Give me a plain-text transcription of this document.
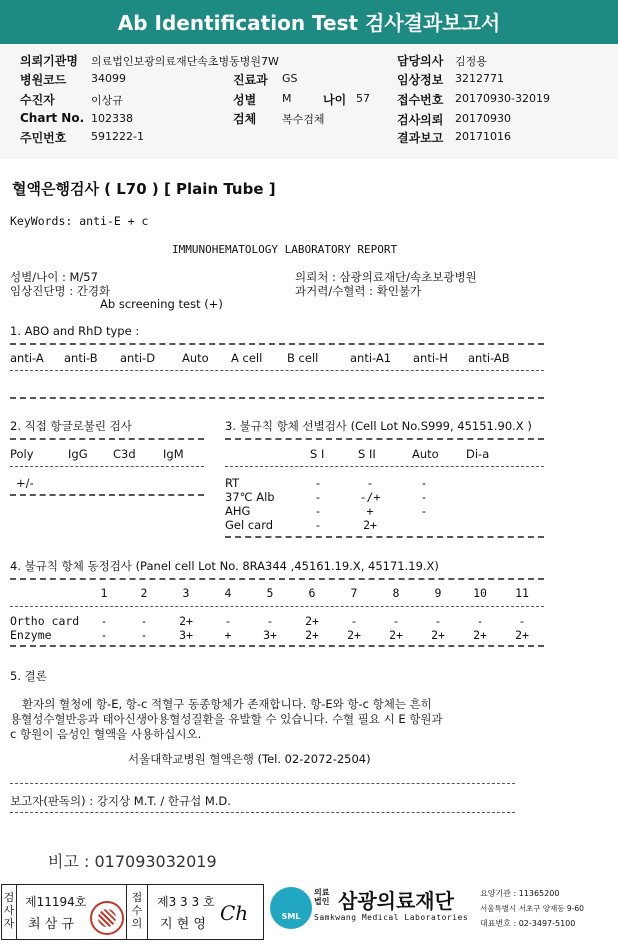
Ab Identification Test 검사결과보고서
의뢰기관명 의료법인보광의료재단속초병동병원7W	담당의사 김정용
병원코드 34099	진료과 GS	임상정보 3212771
수진자	이상규	성별 M	나이 57 접수번호 20170930-32019
Chart No. 102338	검체 복수검체	검사의뢰 20170930
주민번호 591222-1	결과보고 20171016
혈액은행검사 ( L70 ) [ Plain Tube ]
KeyWords: anti-E + c
IMMUNOHEMATOLOGY LABORATORY REPORT
성별/나이 : M/57
임상진단명 : 간경화
Ab screening test (+)
의뢰처 : 삼광의료재단/속초보광병원
과거력/수혈력 : 확인불가
1. ABO and RhD type :
anti-A anti-B anti-D Auto A cell B cell	anti-A1 anti-H anti-AB
2. 직접 항글로불린 검사
Poly	IgG C3d IgM
+/-
3. 불규칙 항체 선별검사 (Cell Lot No.S999, 45151.90.X )
S I	S II	Auto Di-a
RT	-	-	-
37℃ Alb	-	-/+	-
AHG	-	+	-
Gel card	-	2+
4. 불규칙 항체 동정검사 (Panel cell Lot No. 8RA344 ,45161.19.X, 45171.19.X)
1	2	3	4	5	6	7	8	9	10	11
Ortho card	-	-	2+	-	-	2+	-	-	-	-	-
Enzyme	-	-	3+	+	3+	2+	2+	2+	2+	2+	2+
5. 결론
환자의 혈청에 항-E, 항-c 적혈구 동종항체가 존재합니다. 항-E와 항-c 항체는 흔히
용혈성수혈반응과 태아신생아용혈성질환을 유발할 수 있습니다. 수혈 필요 시 E 항원과
c 항원이 음성인 혈액을 사용하십시오.
서울대학교병원 혈액은행 (Tel. 02-2072-2504)
보고자(판독의) : 강지상 M.T. / 한규섭 M.D.
비고 : 017093032019
검
사
자
제11194호
최 삼 규
접
수
의
제3 3 3 호
지 현 영 Ch	SML
의료
법인 삼광의료재단
Samkwang Medical Laboratories
요양기관 : 11365200
서울특별시 서초구 양재동 9-60
대표번호 : 02-3497-5100
